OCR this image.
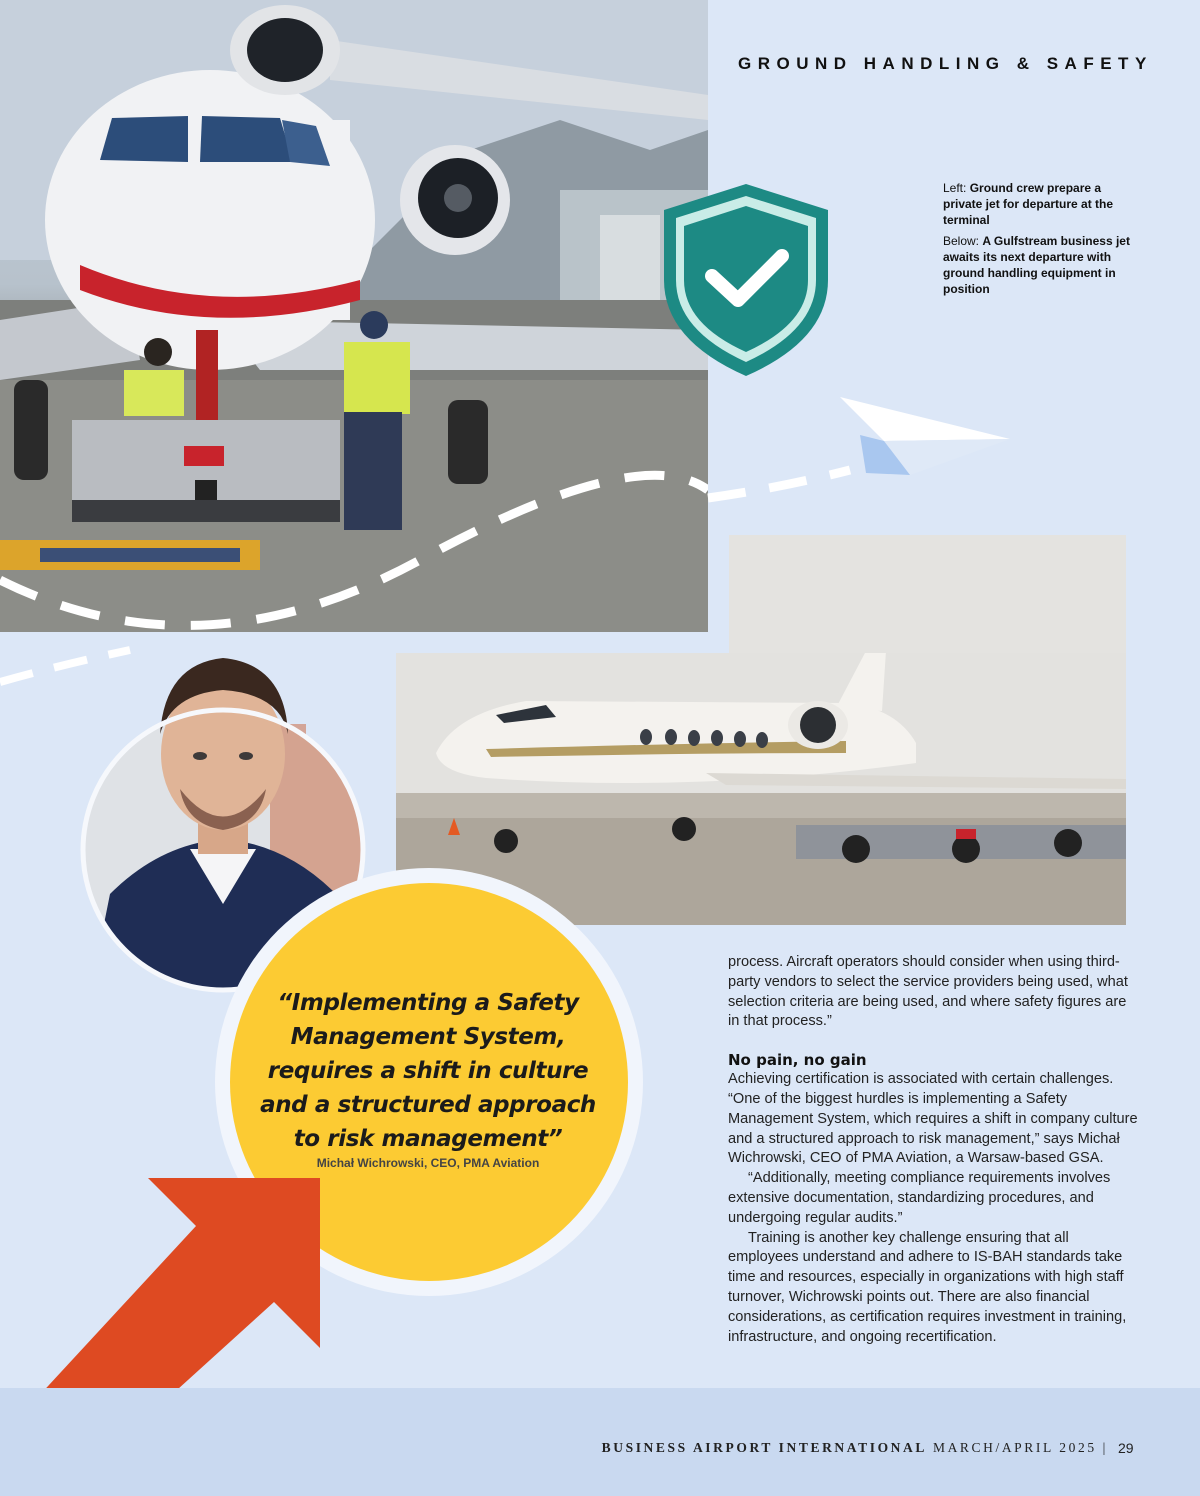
GROUND HANDLING & SAFETY

Left: Ground crew prepare a private jet for departure at the terminal

Below: A Gulfstream business jet awaits its next departure with ground handling equipment in position

“Implementing a Safety Management System, requires a shift in culture and a structured approach to risk management”
Michał Wichrowski, CEO, PMA Aviation

process. Aircraft operators should consider when using third-party vendors to select the service providers being used, what selection criteria are being used, and where safety figures are in that process.”

No pain, no gain

Achieving certification is associated with certain challenges. “One of the biggest hurdles is implementing a Safety Management System, which requires a shift in company culture and a structured approach to risk management,” says Michał Wichrowski, CEO of PMA Aviation, a Warsaw-based GSA.

“Additionally, meeting compliance requirements involves extensive documentation, standardizing procedures, and undergoing regular audits.”

Training is another key challenge ensuring that all employees understand and adhere to IS-BAH standards take time and resources, especially in organizations with high staff turnover, Wichrowski points out. There are also financial considerations, as certification requires investment in training, infrastructure, and ongoing recertification.

BUSINESS AIRPORT INTERNATIONAL MARCH/APRIL 2025 | 29
